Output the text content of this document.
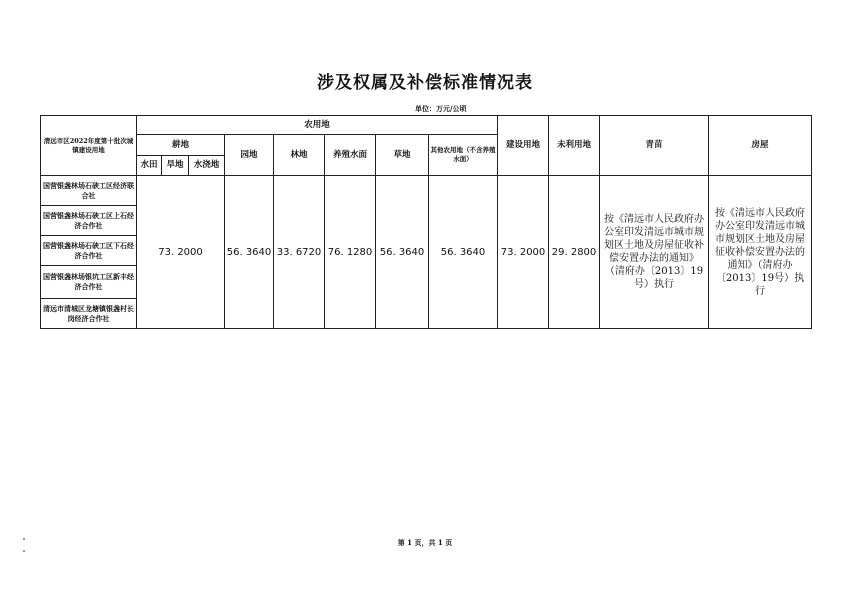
涉及权属及补偿标准情况表
单位：万元/公顷
清远市区2022年度第十批次城镇建设用地	农用地								建设用地	未利用地	青苗	房屋
	耕地			园地	林地	养殖水面	草地	其他农用地（不含养殖水面）				
	水田	旱地	水浇地									
国营银盏林场石硖工区经济联合社	73. 2000			56. 3640	33. 6720	76. 1280	56. 3640	56. 3640	73. 2000	29. 2800	按《清远市人民政府办公室印发清远市城市规划区土地及房屋征收补偿安置办法的通知》（清府办〔2013〕19号）执行	按《清远市人民政府办公室印发清远市城市规划区土地及房屋征收补偿安置办法的通知》（清府办〔2013〕19号）执行
国营银盏林场石硖工区上石经济合作社												
国营银盏林场石硖工区下石经济合作社												
国营银盏林场银坑工区新丰经济合作社												
清远市清城区龙塘镇银盏村长岗经济合作社												
第 1 页，共 1 页
